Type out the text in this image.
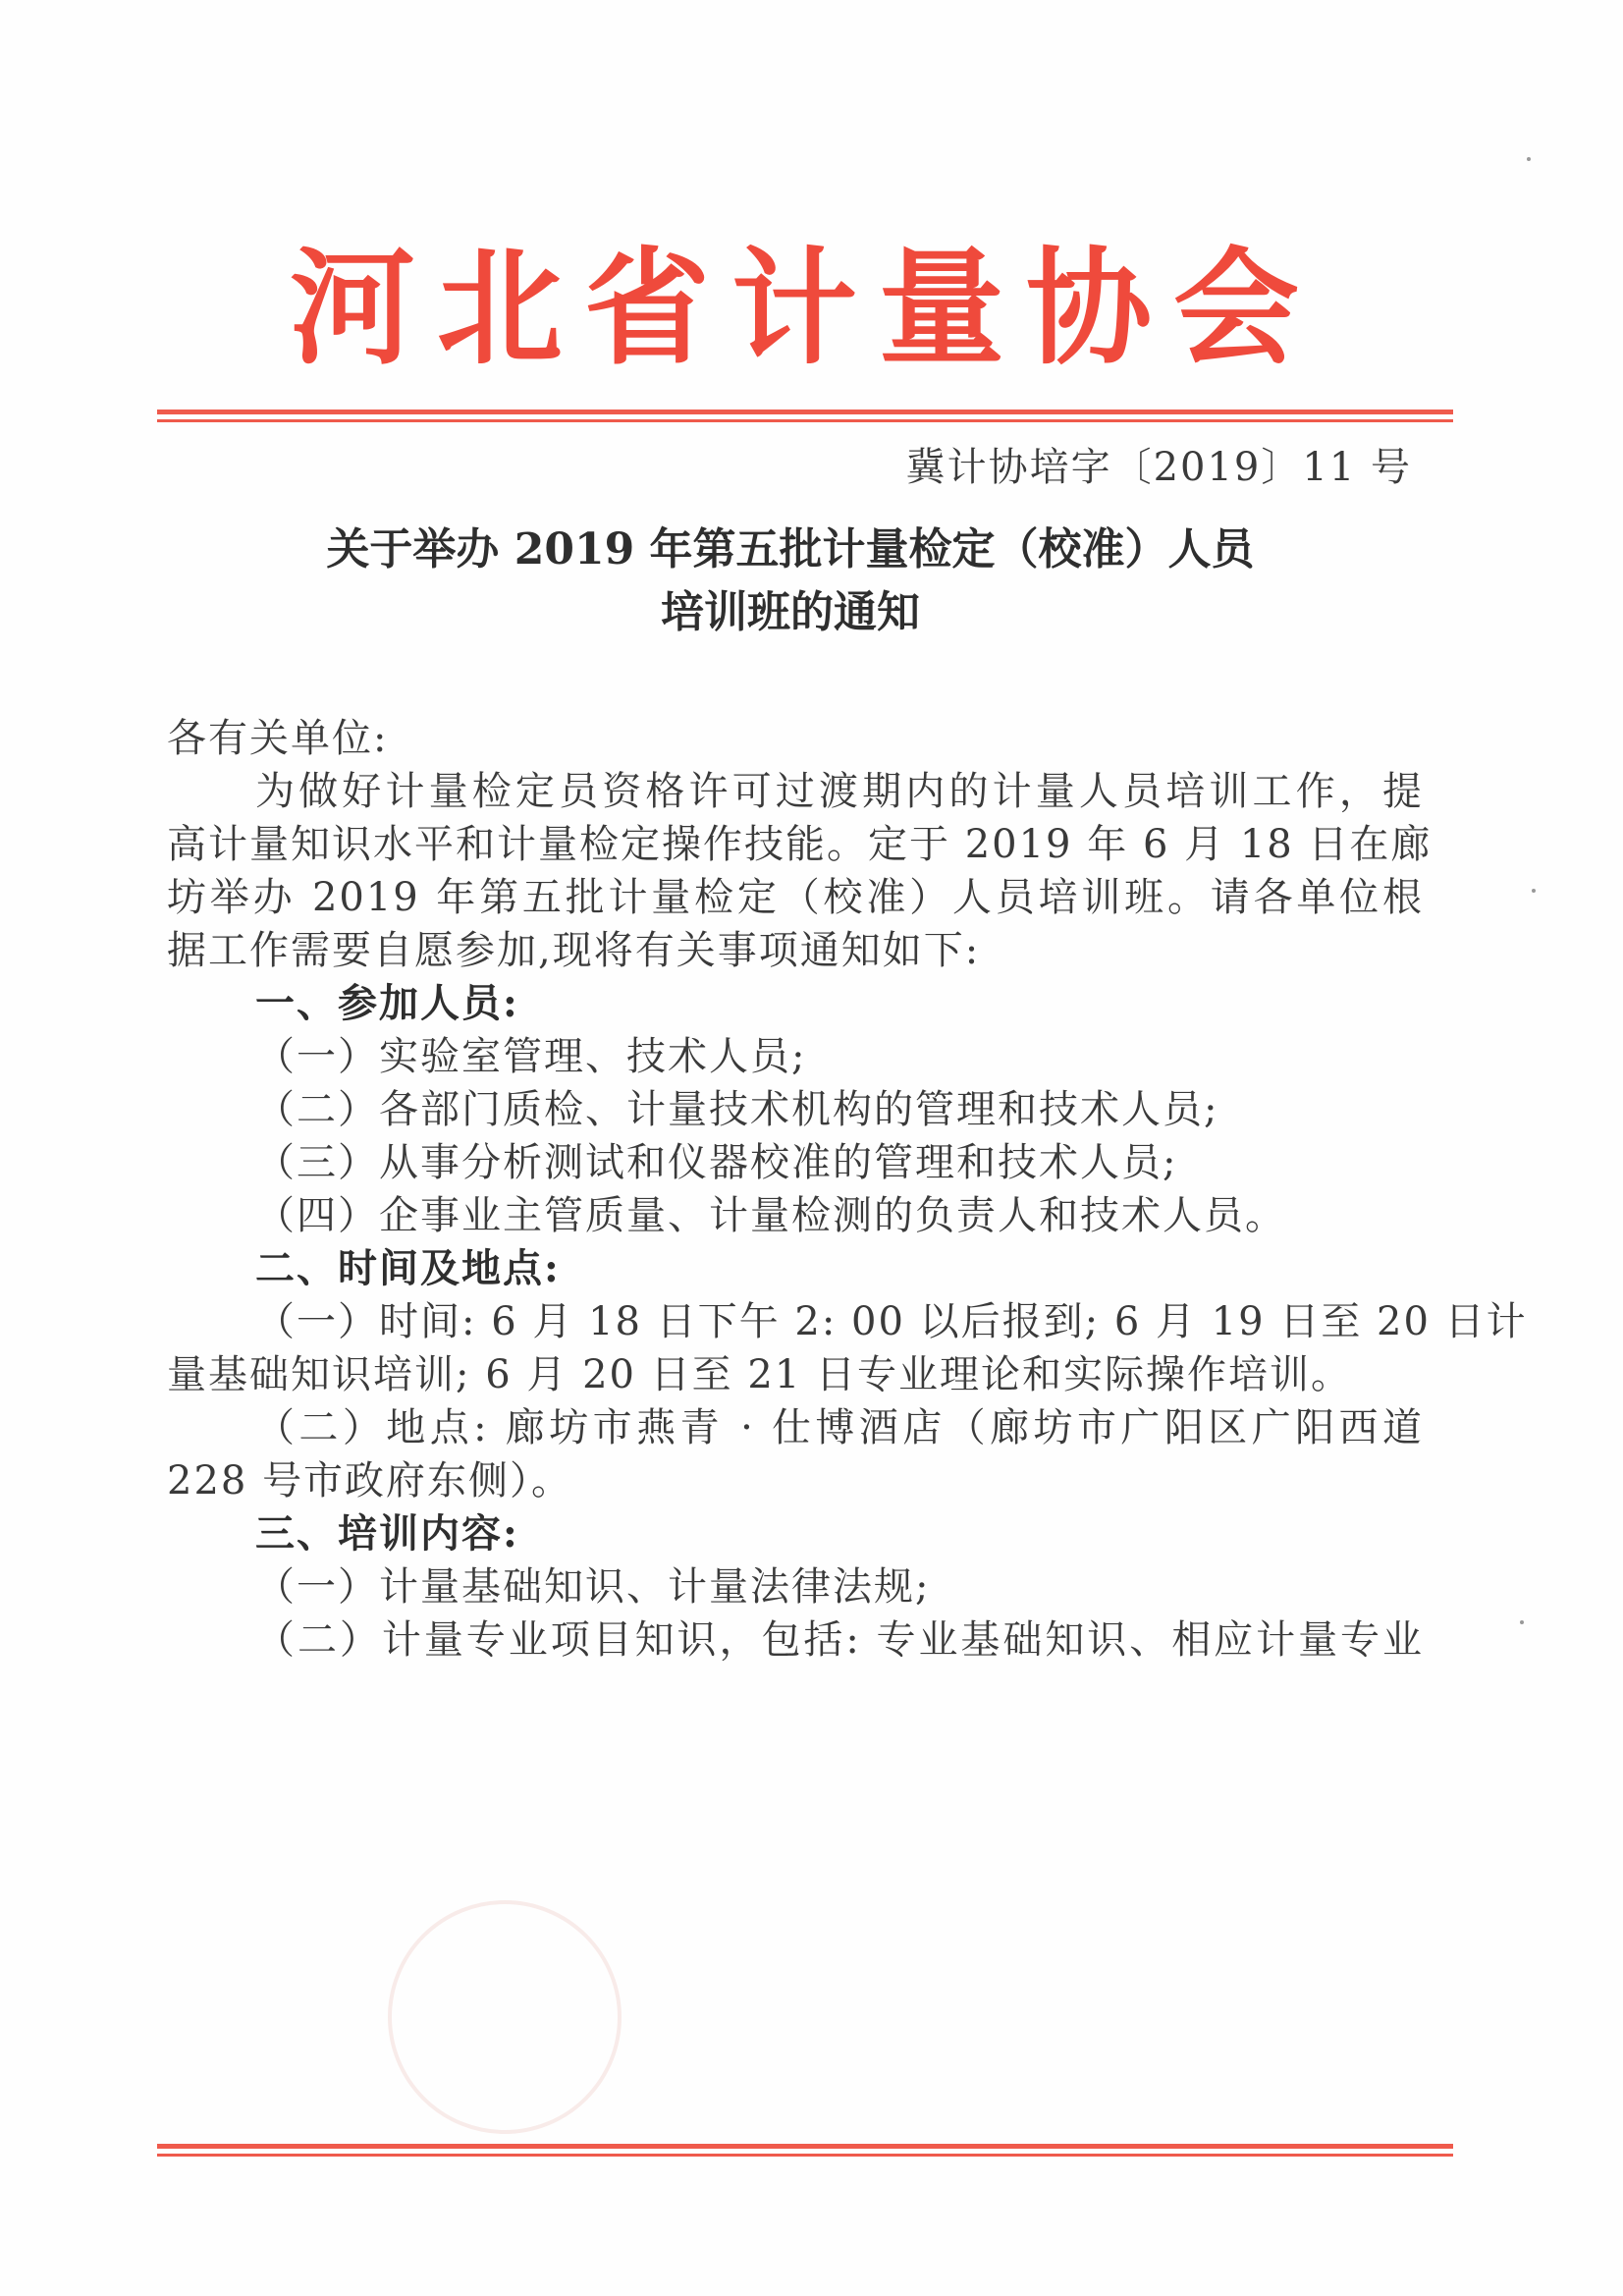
河北省计量协会
冀计协培字〔2019〕11 号
关于举办 2019 年第五批计量检定（校准）人员
培训班的通知
各有关单位:
为做好计量检定员资格许可过渡期内的计量人员培训工作，提
高计量知识水平和计量检定操作技能。定于 2019 年 6 月 18 日在廊
坊举办 2019 年第五批计量检定（校准）人员培训班。请各单位根
据工作需要自愿参加,现将有关事项通知如下:
一、参加人员:
（一）实验室管理、技术人员;
（二）各部门质检、计量技术机构的管理和技术人员;
（三）从事分析测试和仪器校准的管理和技术人员;
（四）企事业主管质量、计量检测的负责人和技术人员。
二、时间及地点:
（一）时间: 6 月 18 日下午 2: 00 以后报到; 6 月 19 日至 20 日计
量基础知识培训; 6 月 20 日至 21 日专业理论和实际操作培训。
（二）地点: 廊坊市燕青 · 仕博酒店（廊坊市广阳区广阳西道
228 号市政府东侧）。
三、培训内容:
（一）计量基础知识、计量法律法规;
（二）计量专业项目知识，包括: 专业基础知识、相应计量专业
